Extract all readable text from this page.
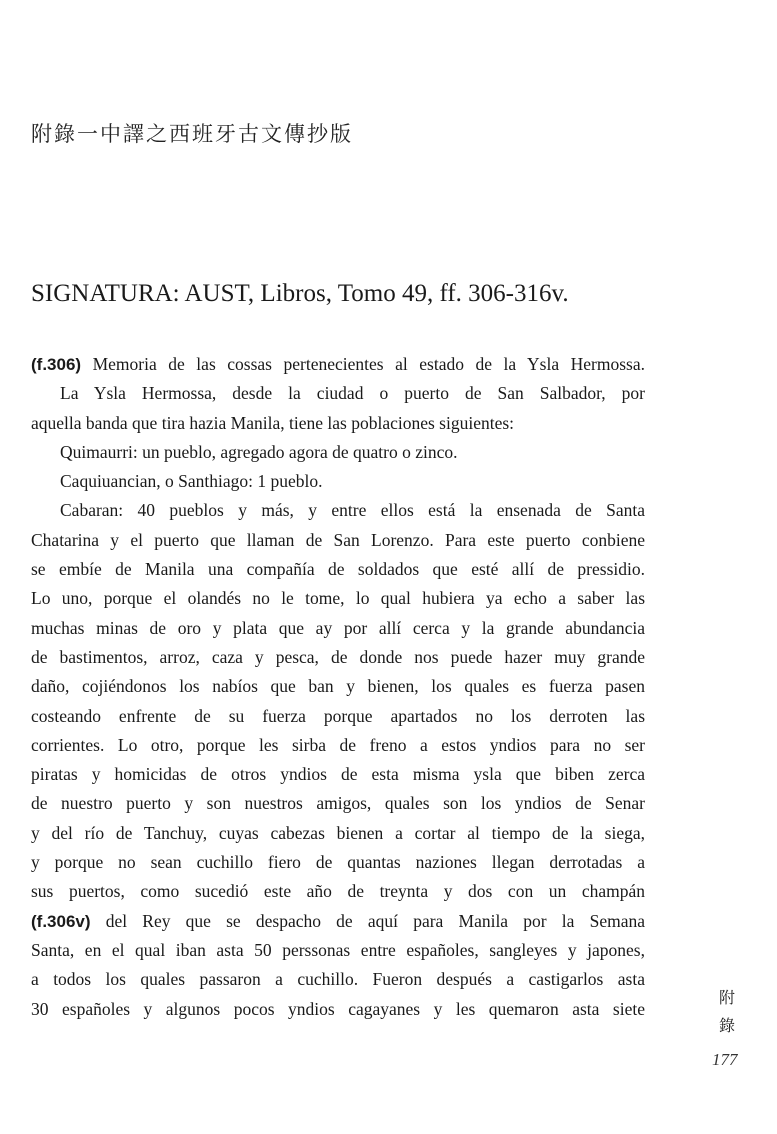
附錄一中譯之西班牙古文傳抄版
SIGNATURA: AUST, Libros, Tomo 49, ff. 306-316v.
(f.306) Memoria de las cossas pertenecientes al estado de la Ysla Hermossa.
La Ysla Hermossa, desde la ciudad o puerto de San Salbador, por
aquella banda que tira hazia Manila, tiene las poblaciones siguientes:
Quimaurri: un pueblo, agregado agora de quatro o zinco.
Caquiuancian, o Santhiago: 1 pueblo.
Cabaran: 40 pueblos y más, y entre ellos está la ensenada de Santa
Chatarina y el puerto que llaman de San Lorenzo. Para este puerto conbiene
se embíe de Manila una compañía de soldados que esté allí de pressidio.
Lo uno, porque el olandés no le tome, lo qual hubiera ya echo a saber las
muchas minas de oro y plata que ay por allí cerca y la grande abundancia
de bastimentos, arroz, caza y pesca, de donde nos puede hazer muy grande
daño, cojiéndonos los nabíos que ban y bienen, los quales es fuerza pasen
costeando enfrente de su fuerza porque apartados no los derroten las
corrientes. Lo otro, porque les sirba de freno a estos yndios para no ser
piratas y homicidas de otros yndios de esta misma ysla que biben zerca
de nuestro puerto y son nuestros amigos, quales son los yndios de Senar
y del río de Tanchuy, cuyas cabezas bienen a cortar al tiempo de la siega,
y porque no sean cuchillo fiero de quantas naziones llegan derrotadas a
sus puertos, como sucedió este año de treynta y dos con un champán
(f.306v) del Rey que se despacho de aquí para Manila por la Semana
Santa, en el qual iban asta 50 perssonas entre españoles, sangleyes y japones,
a todos los quales passaron a cuchillo. Fueron después a castigarlos asta
30 españoles y algunos pocos yndios cagayanes y les quemaron asta siete
附
錄
177
